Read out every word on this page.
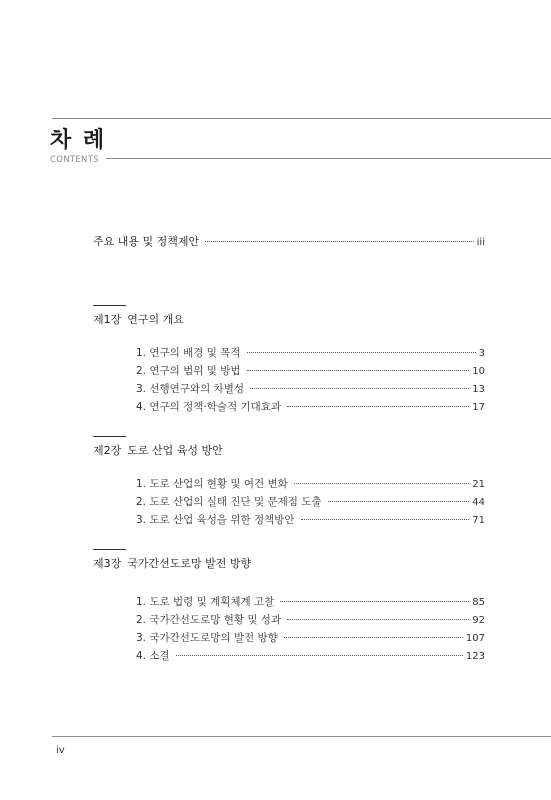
차 례
CONTENTS
주요 내용 및 정책제안	iii
제1장 연구의 개요
1. 연구의 배경 및 목적	3
2. 연구의 범위 및 방법	10
3. 선행연구와의 차별성	13
4. 연구의 정책·학술적 기대효과	17
제2장 도로 산업 육성 방안
1. 도로 산업의 현황 및 여건 변화	21
2. 도로 산업의 실태 진단 및 문제점 도출	44
3. 도로 산업 육성을 위한 정책방안	71
제3장 국가간선도로망 발전 방향
1. 도로 법령 및 계획체계 고찰	85
2. 국가간선도로망 현황 및 성과	92
3. 국가간선도로망의 발전 방향	107
4. 소결	123
iv
